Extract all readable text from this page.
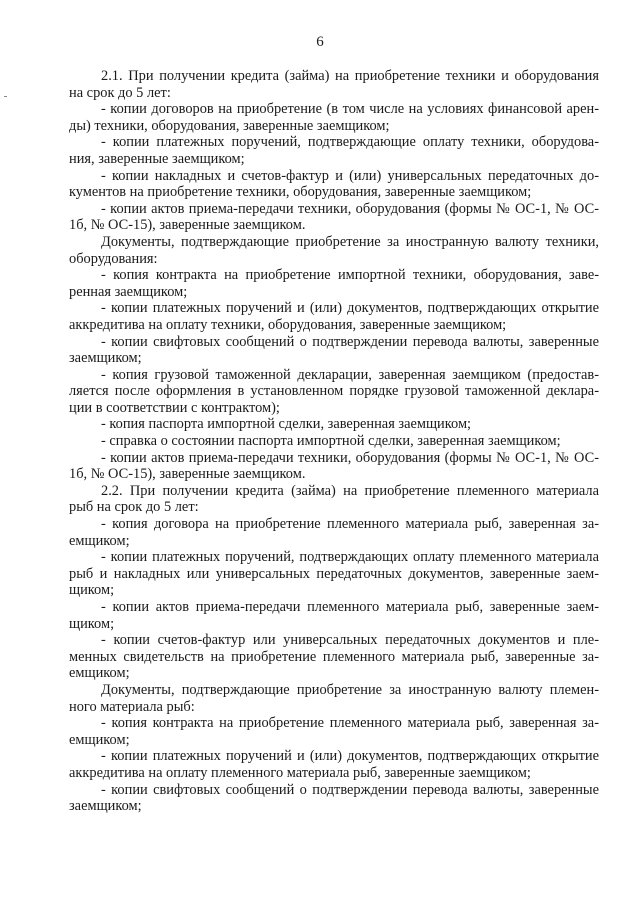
6
2.1. При получении кредита (займа) на приобретение техники и оборудования
на срок до 5 лет:
- копии договоров на приобретение (в том числе на условиях финансовой арен-
ды) техники, оборудования, заверенные заемщиком;
- копии платежных поручений, подтверждающие оплату техники, оборудова-
ния, заверенные заемщиком;
- копии накладных и счетов-фактур и (или) универсальных передаточных до-
кументов на приобретение техники, оборудования, заверенные заемщиком;
- копии актов приема-передачи техники, оборудования (формы № ОС-1, № ОС-
1б, № ОС-15), заверенные заемщиком.
Документы, подтверждающие приобретение за иностранную валюту техники,
оборудования:
- копия контракта на приобретение импортной техники, оборудования, заве-
ренная заемщиком;
- копии платежных поручений и (или) документов, подтверждающих открытие
аккредитива на оплату техники, оборудования, заверенные заемщиком;
- копии свифтовых сообщений о подтверждении перевода валюты, заверенные
заемщиком;
- копия грузовой таможенной декларации, заверенная заемщиком (предостав-
ляется после оформления в установленном порядке грузовой таможенной деклара-
ции в соответствии с контрактом);
- копия паспорта импортной сделки, заверенная заемщиком;
- справка о состоянии паспорта импортной сделки, заверенная заемщиком;
- копии актов приема-передачи техники, оборудования (формы № ОС-1, № ОС-
1б, № ОС-15), заверенные заемщиком.
2.2. При получении кредита (займа) на приобретение племенного материала
рыб на срок до 5 лет:
- копия договора на приобретение племенного материала рыб, заверенная за-
емщиком;
- копии платежных поручений, подтверждающих оплату племенного материала
рыб и накладных или универсальных передаточных документов, заверенные заем-
щиком;
- копии актов приема-передачи племенного материала рыб, заверенные заем-
щиком;
- копии счетов-фактур или универсальных передаточных документов и пле-
менных свидетельств на приобретение племенного материала рыб, заверенные за-
емщиком;
Документы, подтверждающие приобретение за иностранную валюту племен-
ного материала рыб:
- копия контракта на приобретение племенного материала рыб, заверенная за-
емщиком;
- копии платежных поручений и (или) документов, подтверждающих открытие
аккредитива на оплату племенного материала рыб, заверенные заемщиком;
- копии свифтовых сообщений о подтверждении перевода валюты, заверенные
заемщиком;
